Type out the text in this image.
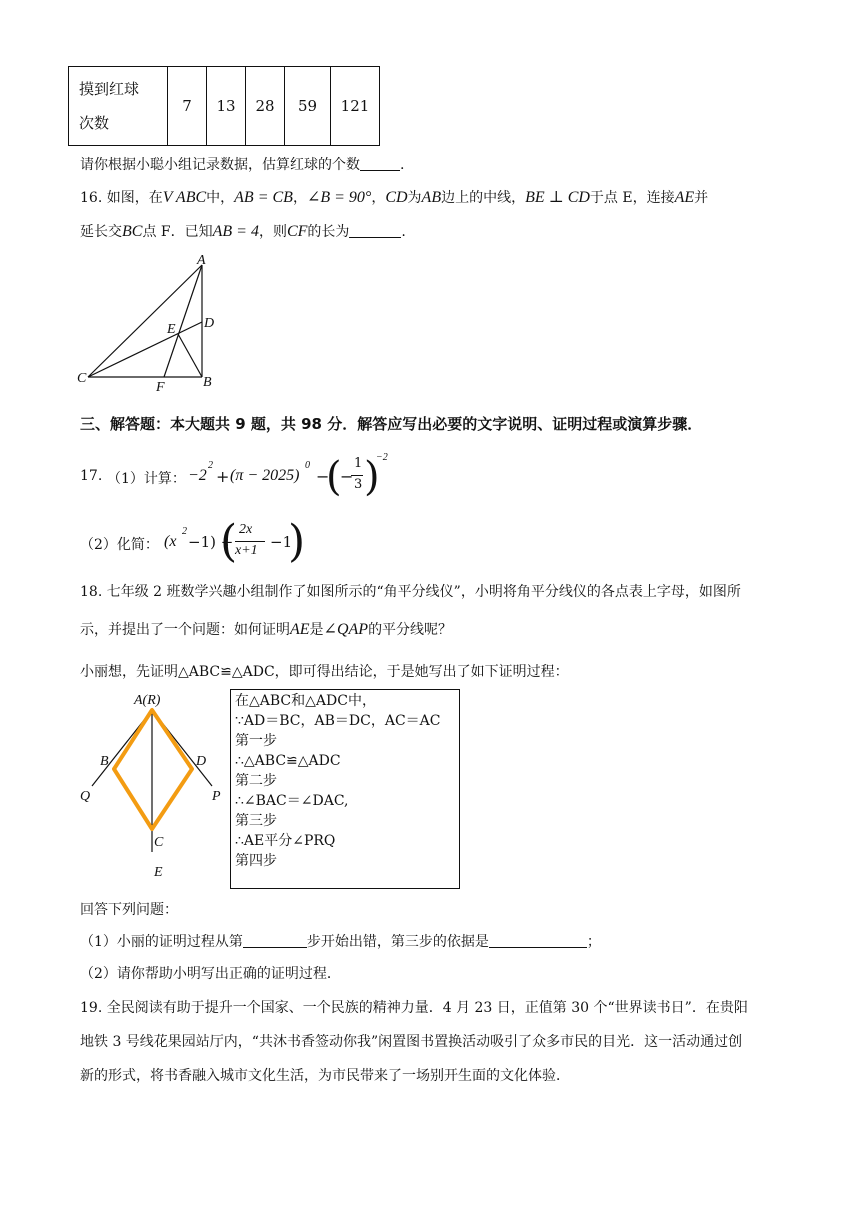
摸到红球
次数	7	13	28	59	121
请你根据小聪小组记录数据，估算红球的个数	.
16. 如图，在V ABC中，AB = CB，∠B = 90°，CD为AB边上的中线，BE ⊥ CD于点 E，连接AE并
延长交BC点 F．已知AB = 4，则CF的长为	.
A
D
E
C
F	B
三、解答题：本大题共 9 题，共 98 分．解答应写出必要的文字说明、证明过程或演算步骤．
17. （1）计算： −2
2
+ (π − 2025)
0
−
(
−
1
3 )
−2
（2）化简： (x
2
−1) ÷
( 2x
x+1 −1
)
18. 七年级 2 班数学兴趣小组制作了如图所示的“角平分线仪”，小明将角平分线仪的各点表上字母，如图所
示，并提出了一个问题：如何证明AE是∠QAP的平分线呢？
小丽想，先证明△ABC≌△ADC，即可得出结论，于是她写出了如下证明过程：
A(R)
B	D
Q	P
C
E
在△ABC和△ADC中，
∵AD＝BC，AB＝DC，AC＝AC
第一步
∴△ABC≌△ADC
第二步
∴∠BAC＝∠DAC,
第三步
∴AE平分∠PRQ
第四步
回答下列问题：
（1）小丽的证明过程从第	步开始出错，第三步的依据是	；
（2）请你帮助小明写出正确的证明过程．
19. 全民阅读有助于提升一个国家、一个民族的精神力量．4 月 23 日，正值第 30 个“世界读书日”．在贵阳
地铁 3 号线花果园站厅内，“共沐书香签动你我”闲置图书置换活动吸引了众多市民的目光．这一活动通过创
新的形式，将书香融入城市文化生活，为市民带来了一场别开生面的文化体验．
